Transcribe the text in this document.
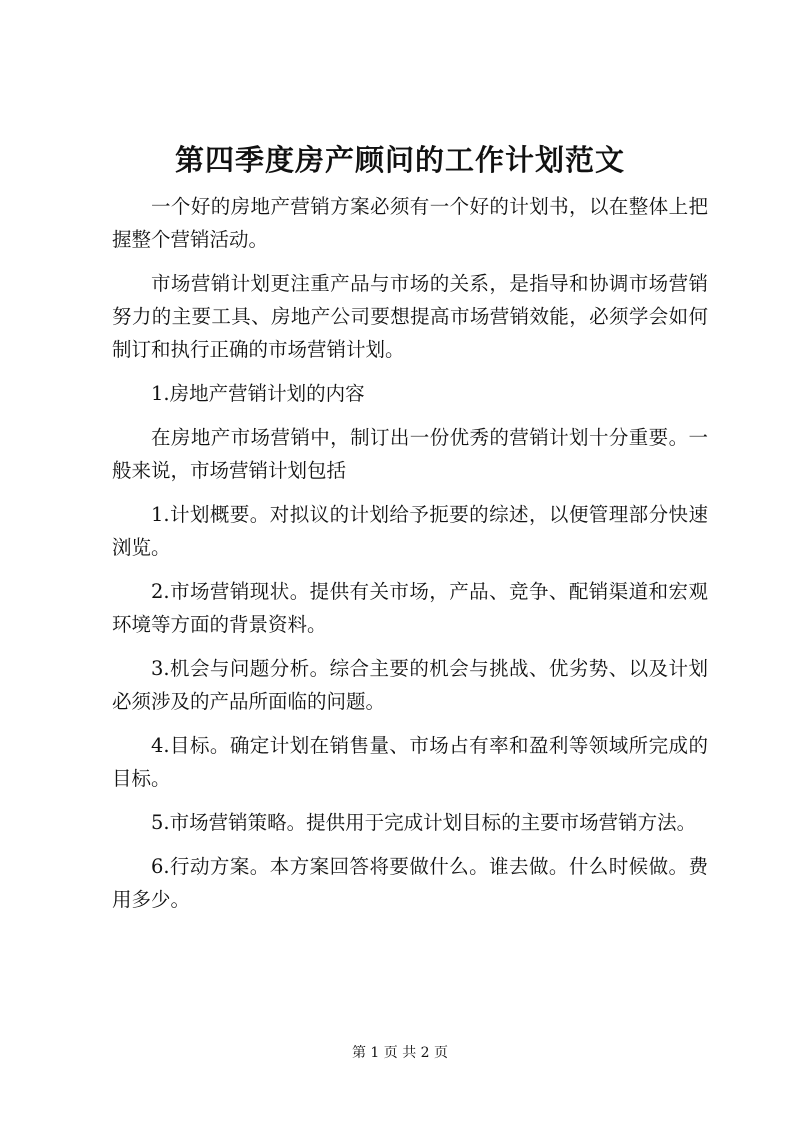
第四季度房产顾问的工作计划范文

一个好的房地产营销方案必须有一个好的计划书，以在整体上把握整个营销活动。

市场营销计划更注重产品与市场的关系，是指导和协调市场营销努力的主要工具、房地产公司要想提高市场营销效能，必须学会如何制订和执行正确的市场营销计划。

1.房地产营销计划的内容

在房地产市场营销中，制订出一份优秀的营销计划十分重要。一般来说，市场营销计划包括

1.计划概要。对拟议的计划给予扼要的综述，以便管理部分快速浏览。

2.市场营销现状。提供有关市场，产品、竞争、配销渠道和宏观环境等方面的背景资料。

3.机会与问题分析。综合主要的机会与挑战、优劣势、以及计划必须涉及的产品所面临的问题。

4.目标。确定计划在销售量、市场占有率和盈利等领域所完成的目标。

5.市场营销策略。提供用于完成计划目标的主要市场营销方法。

6.行动方案。本方案回答将要做什么。谁去做。什么时候做。费用多少。

第 1 页 共 2 页
